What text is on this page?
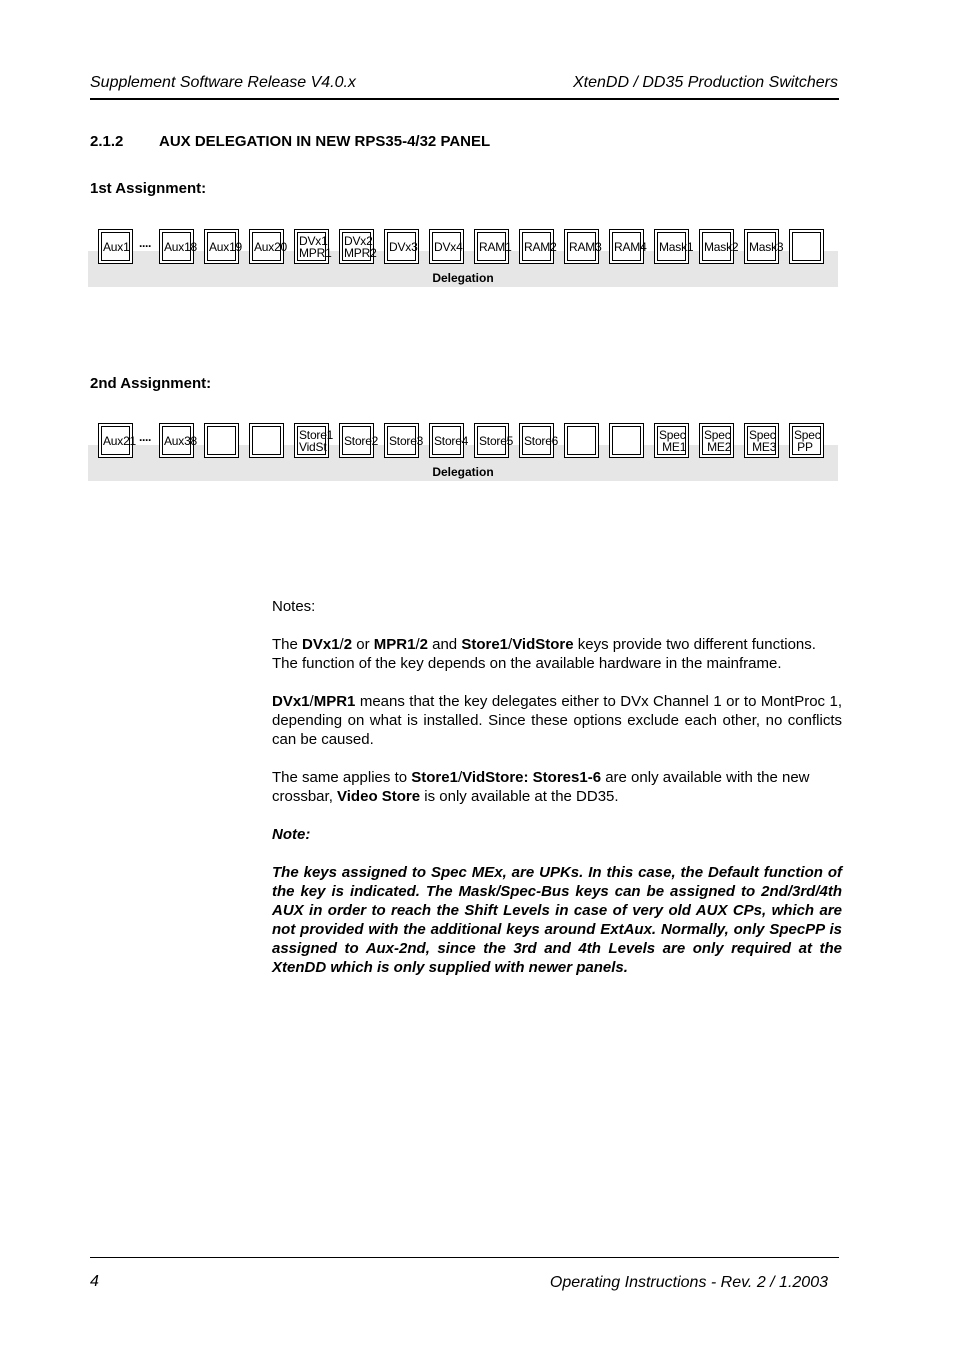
Supplement Software Release V4.0.x	XtenDD / DD35 Production Switchers
2.1.2 AUX DELEGATION IN NEW RPS35-4/32 PANEL
1st Assignment:
Delegation
····
Aux1	Aux18 Aux19 Aux20 DVx1
MPR1
DVx2
MPR2 DVx3 DVx4 RAM1 RAM2 RAM3 RAM4 Mask1 Mask2 Mask3
2nd Assignment:
Delegation
····
Aux21 Aux38	Store1
VidSt	Store2 Store3 Store4 Store5 Store6	Spec
ME1
Spec
ME2
Spec
ME3
Spec
PP

Notes:

The DVx1/2 or MPR1/2 and Store1/VidStore keys provide two different functions. The function of the key depends on the available hardware in the mainframe.

DVx1/MPR1 means that the key delegates either to DVx Channel 1 or to MontProc 1, depending on what is installed. Since these options exclude each other, no conflicts can be caused.

The same applies to Store1/VidStore: Stores1-6 are only available with the new crossbar, Video Store is only available at the DD35.

Note:

The keys assigned to Spec MEx, are UPKs. In this case, the Default function of the key is indicated. The Mask/Spec-Bus keys can be assigned to 2nd/3rd/4th AUX in order to reach the Shift Levels in case of very old AUX CPs, which are not provided with the additional keys around ExtAux. Normally, only SpecPP is assigned to Aux-2nd, since the 3rd and 4th Levels are only required at the XtenDD which is only supplied with newer panels.

4	Operating Instructions - Rev. 2 / 1.2003
